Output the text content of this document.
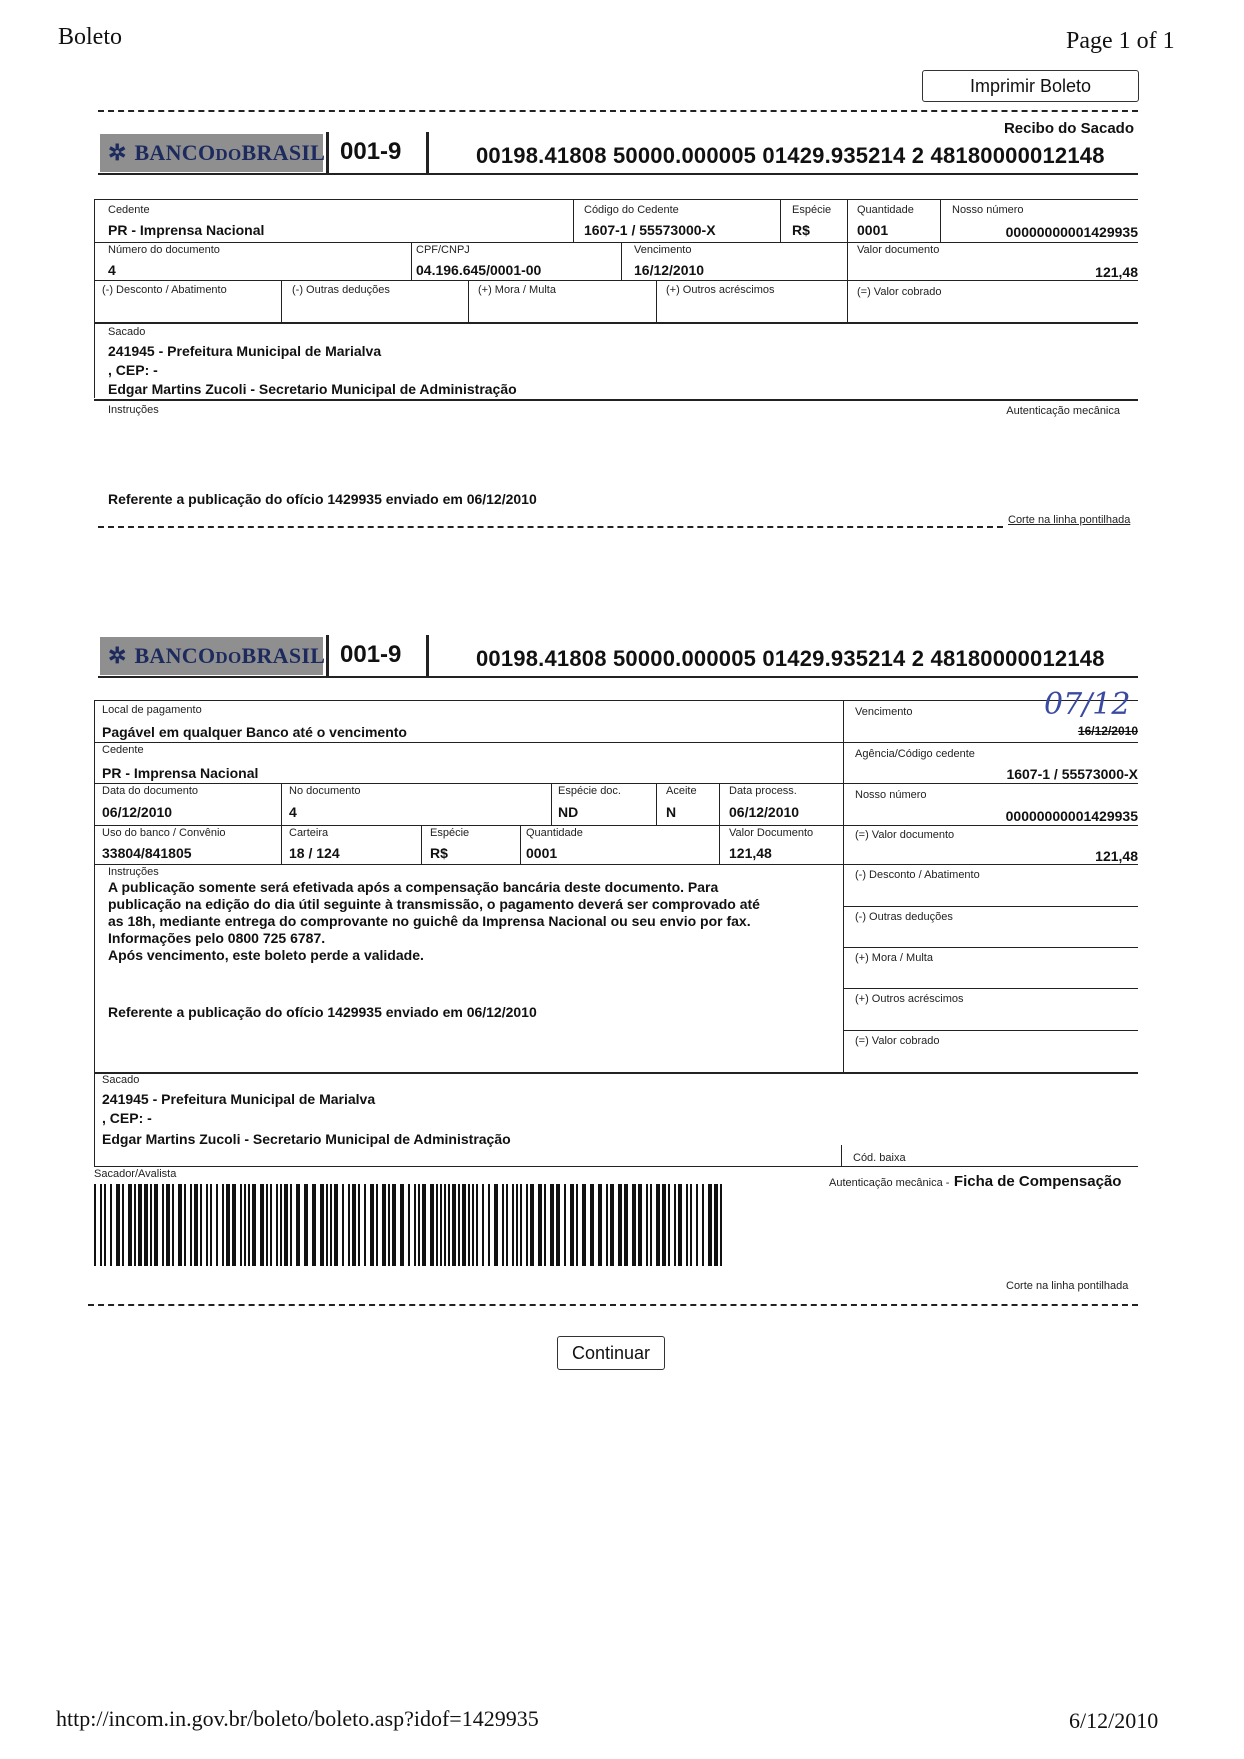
Boleto	Page 1 of 1
Imprimir Boleto
Recibo do Sacado
✲ BANCODOBRASIL 001-9	00198.41808 50000.000005 01429.935214 2 48180000012148
Cedente
PR - Imprensa Nacional
Código do Cedente
1607-1 / 55573000-X
Espécie
R$
Quantidade
0001
Nosso número
00000000001429935
Número do documento
4
CPF/CNPJ
04.196.645/0001-00
Vencimento
16/12/2010
Valor documento
121,48
(-) Desconto / Abatimento	(-) Outras deduções	(+) Mora / Multa	(+) Outros acréscimos	(=) Valor cobrado
Sacado
241945 - Prefeitura Municipal de Marialva
, CEP: -
Edgar Martins Zucoli - Secretario Municipal de Administração
Instruções	Autenticação mecânica
Referente a publicação do ofício 1429935 enviado em 06/12/2010
Corte na linha pontilhada
✲ BANCODOBRASIL 001-9	00198.41808 50000.000005 01429.935214 2 48180000012148
Local de pagamento
Pagável em qualquer Banco até o vencimento
Vencimento	07/12
16/12/2010
Cedente
PR - Imprensa Nacional
Agência/Código cedente
1607-1 / 55573000-X
Data do documento
06/12/2010
No documento
4
Espécie doc.
ND
Aceite
N
Data process.
06/12/2010
Nosso número
00000000001429935
Uso do banco / Convênio
33804/841805
Carteira
18 / 124
Espécie
R$
Quantidade
0001
Valor Documento
121,48
(=) Valor documento
121,48
Instruções
A publicação somente será efetivada após a compensação bancária deste documento. Para
publicação na edição do dia útil seguinte à transmissão, o pagamento deverá ser comprovado até
as 18h, mediante entrega do comprovante no guichê da Imprensa Nacional ou seu envio por fax.
Informações pelo 0800 725 6787.
Após vencimento, este boleto perde a validade.
Referente a publicação do ofício 1429935 enviado em 06/12/2010
(-) Desconto / Abatimento
(-) Outras deduções
(+) Mora / Multa
(+) Outros acréscimos
(=) Valor cobrado
Sacado
241945 - Prefeitura Municipal de Marialva
, CEP: -
Edgar Martins Zucoli - Secretario Municipal de Administração
Cód. baixa
Sacador/Avalista
Autenticação mecânica - Ficha de Compensação
Corte na linha pontilhada
Continuar
http://incom.in.gov.br/boleto/boleto.asp?idof=1429935	6/12/2010
